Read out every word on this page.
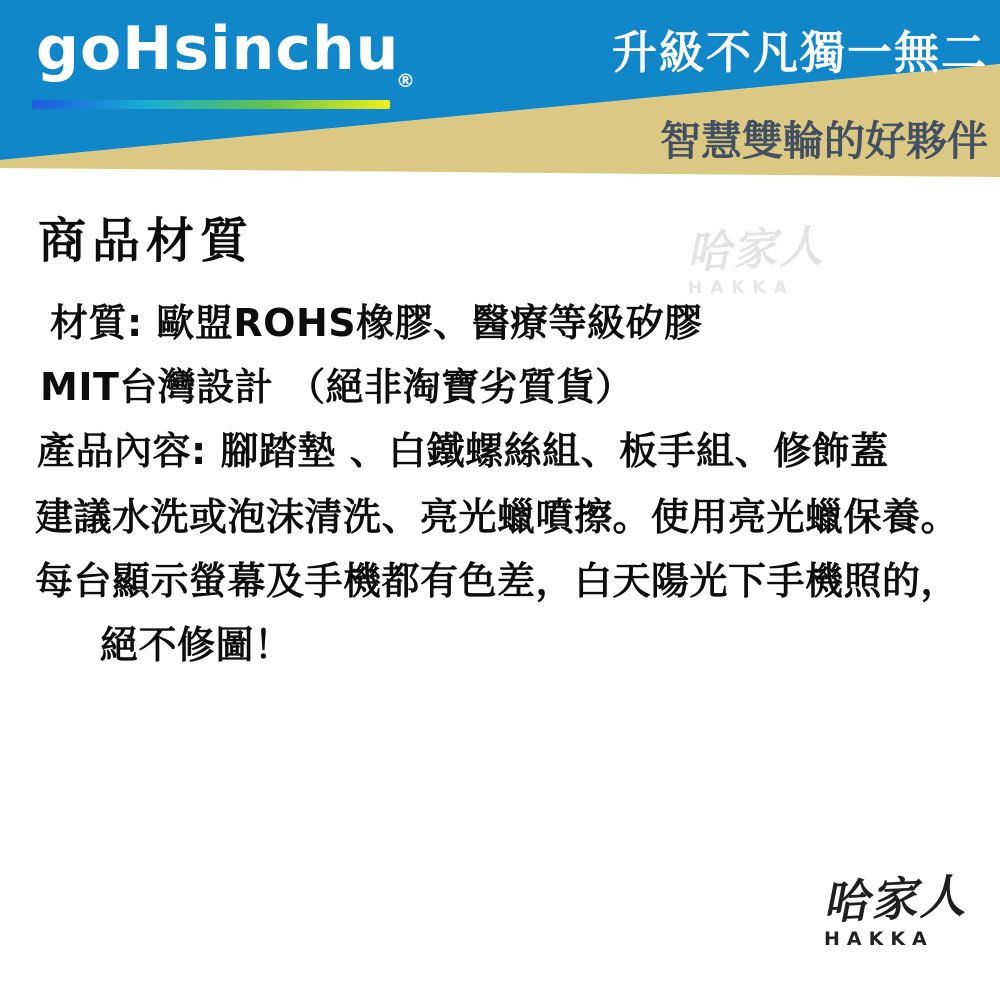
goHsinchu
®
升級不凡獨一無二
智慧雙輪的好夥伴
哈家人
HAKKA
商品材質
材質: 歐盟ROHS橡膠、醫療等級矽膠
MIT台灣設計 （絕非淘寶劣質貨）
產品內容: 腳踏墊 、白鐵螺絲組、板手組、修飾蓋
建議水洗或泡沫清洗、亮光蠟噴擦。使用亮光蠟保養。
每台顯示螢幕及手機都有色差，白天陽光下手機照的，
絕不修圖！
哈家人
HAKKA
